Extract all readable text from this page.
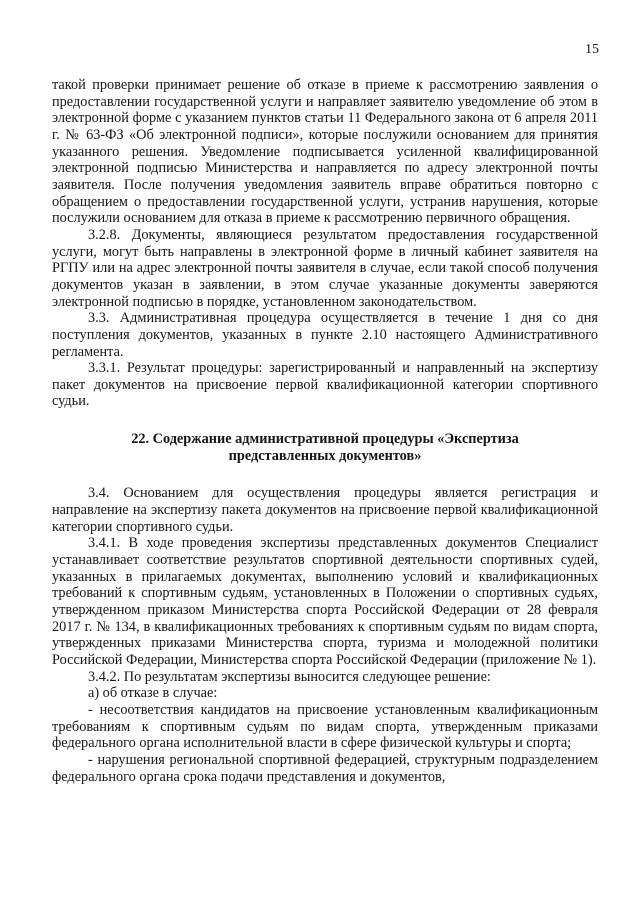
15

такой проверки принимает решение об отказе в приеме к рассмотрению заявления о предоставлении государственной услуги и направляет заявителю уведомление об этом в электронной форме с указанием пунктов статьи 11 Федерального закона от 6 апреля 2011 г. № 63-ФЗ «Об электронной подписи», которые послужили основанием для принятия указанного решения. Уведомление подписывается усиленной квалифицированной электронной подписью Министерства и направляется по адресу электронной почты заявителя. После получения уведомления заявитель вправе обратиться повторно с обращением о предоставлении государственной услуги, устранив нарушения, которые послужили основанием для отказа в приеме к рассмотрению первичного обращения.

3.2.8. Документы, являющиеся результатом предоставления государственной услуги, могут быть направлены в электронной форме в личный кабинет заявителя на РГПУ или на адрес электронной почты заявителя в случае, если такой способ получения документов указан в заявлении, в этом случае указанные документы заверяются электронной подписью в порядке, установленном законодательством.

3.3. Административная процедура осуществляется в течение 1 дня со дня поступления документов, указанных в пункте 2.10 настоящего Административного регламента.

3.3.1. Результат процедуры: зарегистрированный и направленный на экспертизу пакет документов на присвоение первой квалификационной категории спортивного судьи.

22. Содержание административной процедуры «Экспертиза
представленных документов»

3.4. Основанием для осуществления процедуры является регистрация и направление на экспертизу пакета документов на присвоение первой квалификационной категории спортивного судьи.

3.4.1. В ходе проведения экспертизы представленных документов Специалист устанавливает соответствие результатов спортивной деятельности спортивных судей, указанных в прилагаемых документах, выполнению условий и квалификационных требований к спортивным судьям, установленных в Положении о спортивных судьях, утвержденном приказом Министерства спорта Российской Федерации от 28 февраля 2017 г. № 134, в квалификационных требованиях к спортивным судьям по видам спорта, утвержденных приказами Министерства спорта, туризма и молодежной политики Российской Федерации, Министерства спорта Российской Федерации (приложение № 1).

3.4.2. По результатам экспертизы выносится следующее решение:

а) об отказе в случае:

- несоответствия кандидатов на присвоение установленным квалификационным требованиям к спортивным судьям по видам спорта, утвержденным приказами федерального органа исполнительной власти в сфере физической культуры и спорта;

- нарушения региональной спортивной федерацией, структурным подразделением федерального органа срока подачи представления и документов,
